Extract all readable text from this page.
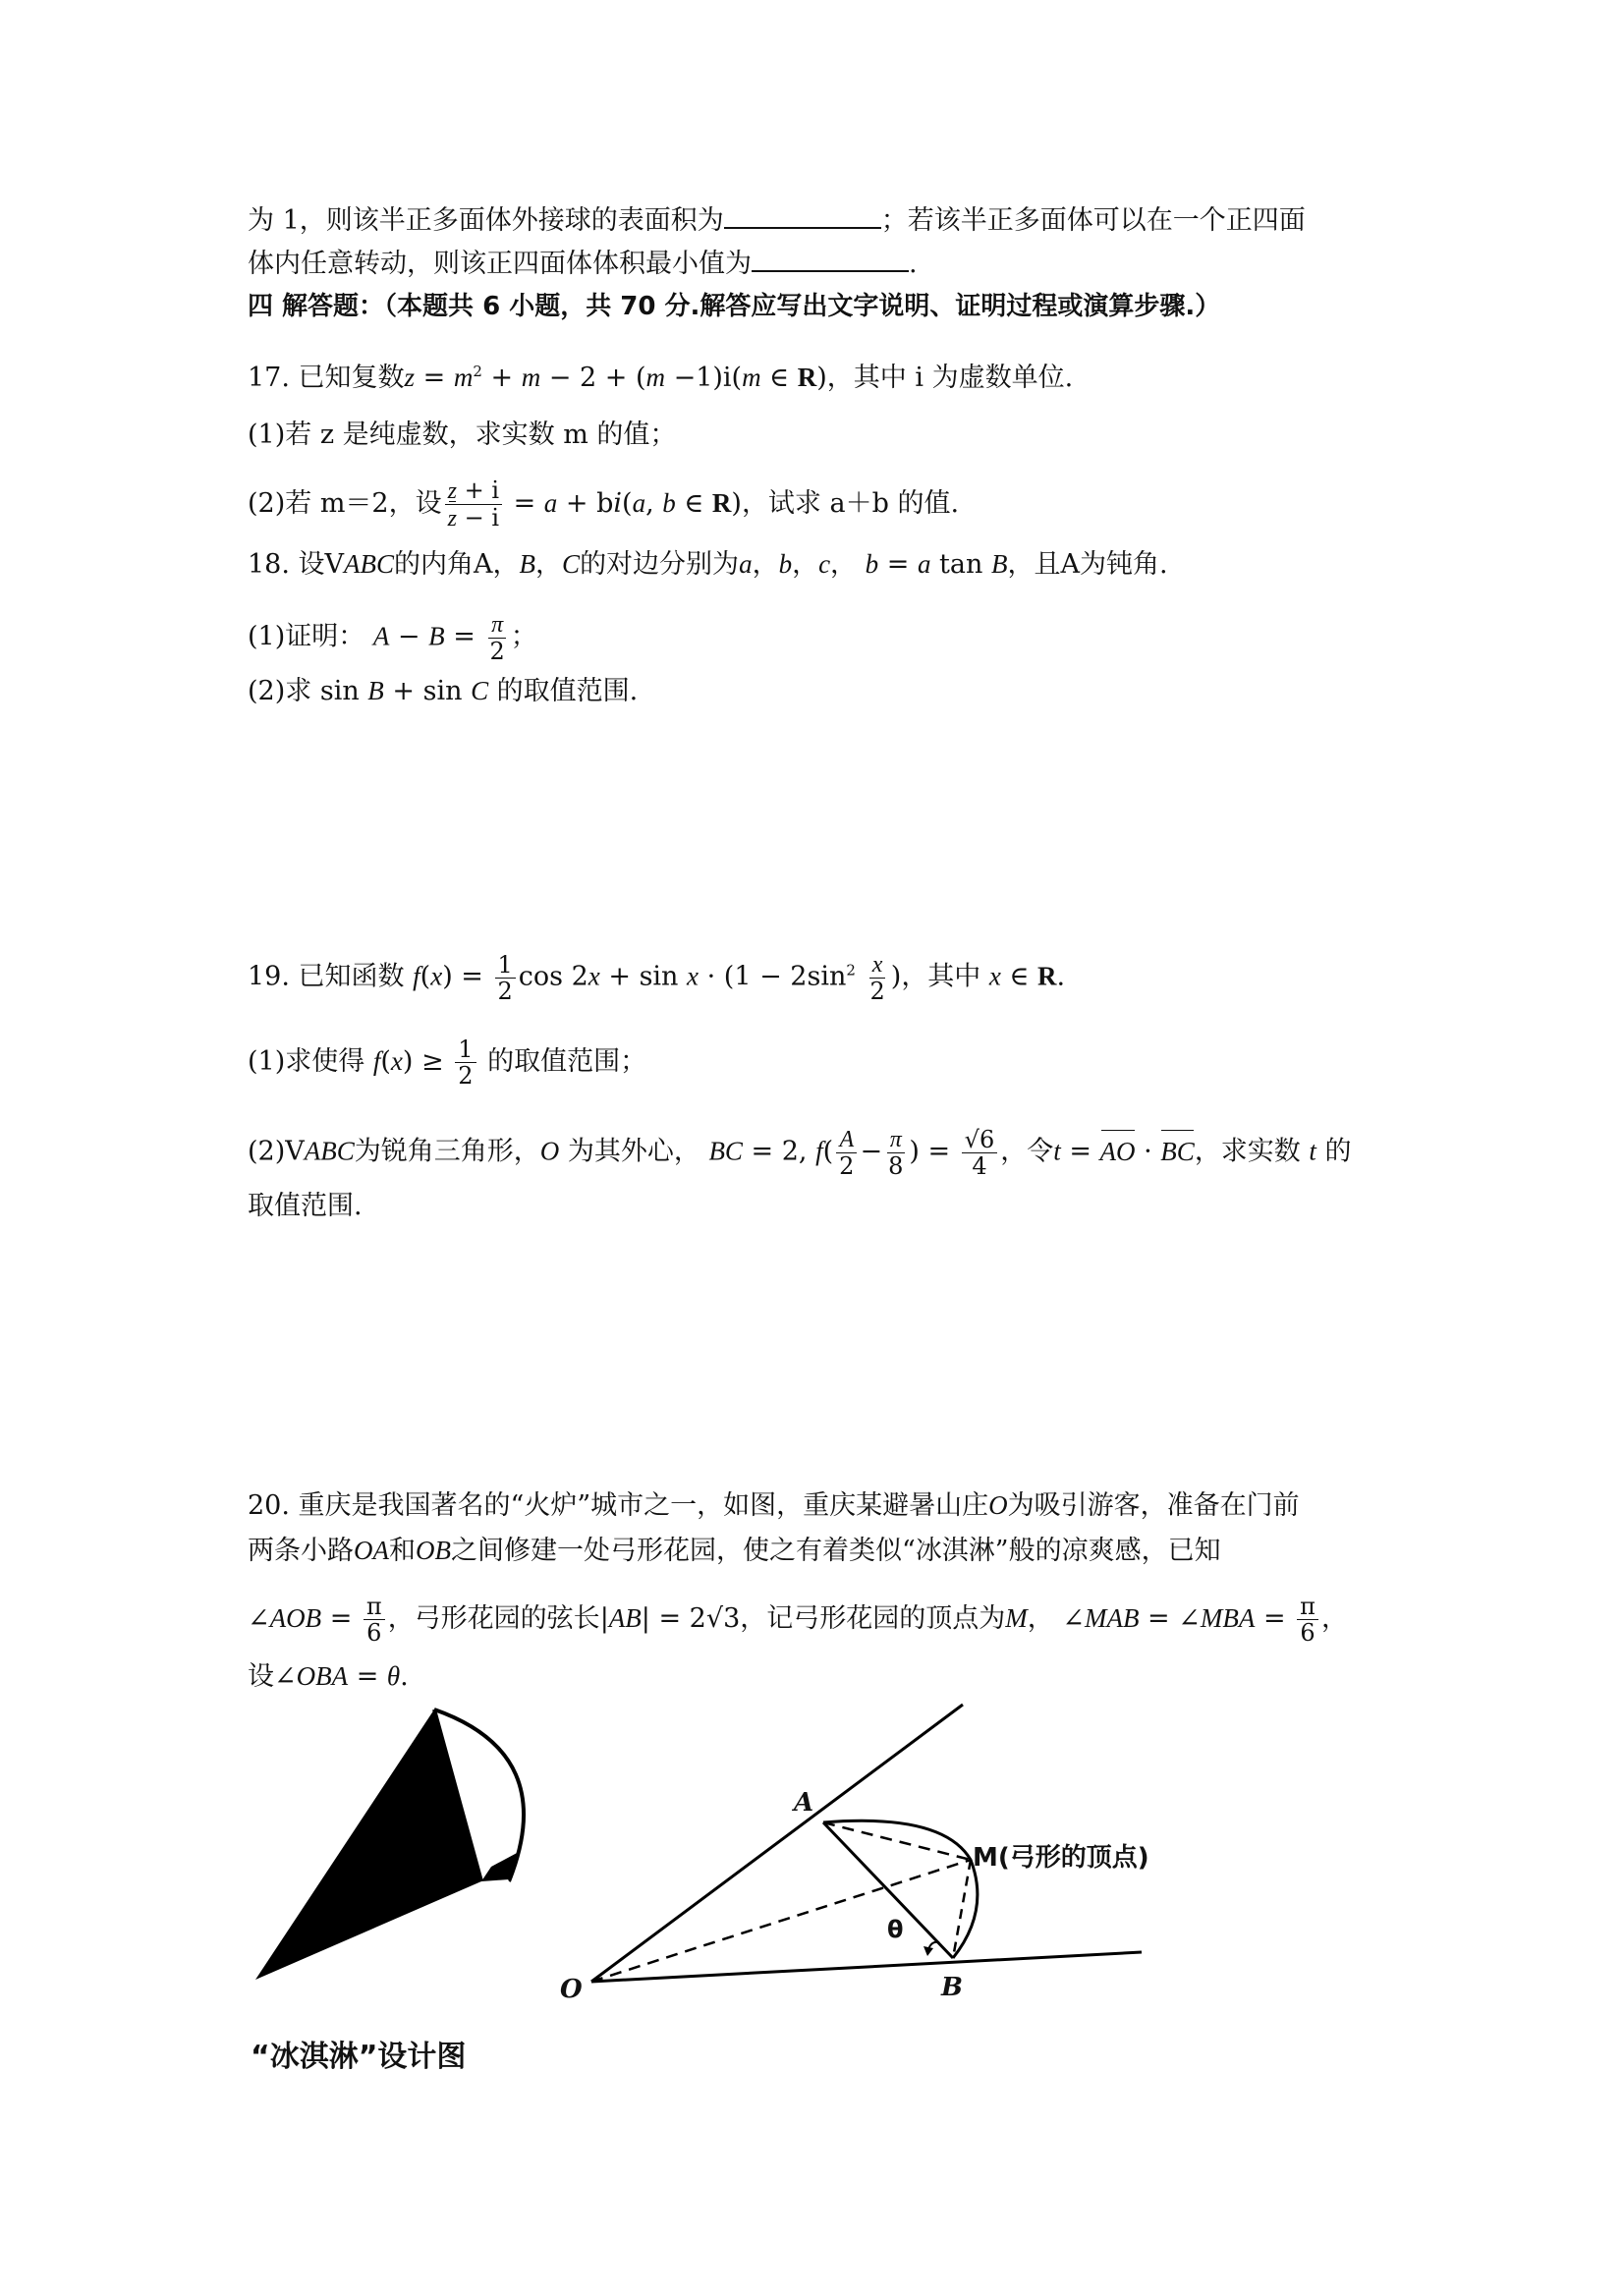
为 1，则该半正多面体外接球的表面积为	；若该半正多面体可以在一个正四面
体内任意转动，则该正四面体体积最小值为	.
四 解答题：（本题共 6 小题，共 70 分.解答应写出文字说明、证明过程或演算步骤.）
17. 已知复数$z = m^2 + m - 2 + (m -1)i(m$ ∈ R)，其中 i 为虚数单位.
(1)若 z 是纯虚数，求实数 m 的值；
(2)若 m＝2，设 $\frac{z + i}{z - i} = a + bi(a$, b ∈ R)，试求 a＋b 的值.
18. 设VABC的内角A，B，C的对边分别为a，b，c， b = a tan B，且A为钝角.
(1)证明： $A - B = \frac{\pi}{2}$ ；
(2)求 sin B + sin C 的取值范围.
19. 已知函数 $f(x) = \frac{1}{2}$ $\cos 2x + \sin x \cdot (1 - 2\sin^2 \frac{x}{2}$ )，其中 x ∈ R.
(1)求使得 $f(x) \ge \frac{1}{2}$ 的取值范围；
(2)VABC为锐角三角形，O 为其外心， BC = 2, $f( \frac{A}{2} - \frac{\pi}{8}$ ) = $\frac{√6}{4}$ ，令t = AO · BC，求实数 t 的
取值范围.
20. 重庆是我国著名的“火炉”城市之一，如图，重庆某避暑山庄O为吸引游客，准备在门前
两条小路OA和OB之间修建一处弓形花园，使之有着类似“冰淇淋”般的凉爽感，已知
∠AOB = $\frac{\pi}{6}$ ，弓形花园的弦长|AB| = 2√3，记弓形花园的顶点为M， ∠MAB = ∠MBA = $\frac{\pi}{6}$ ，
设∠OBA = θ.
“冰淇淋”设计图
A
M(弓形的顶点)
O	B
θ
